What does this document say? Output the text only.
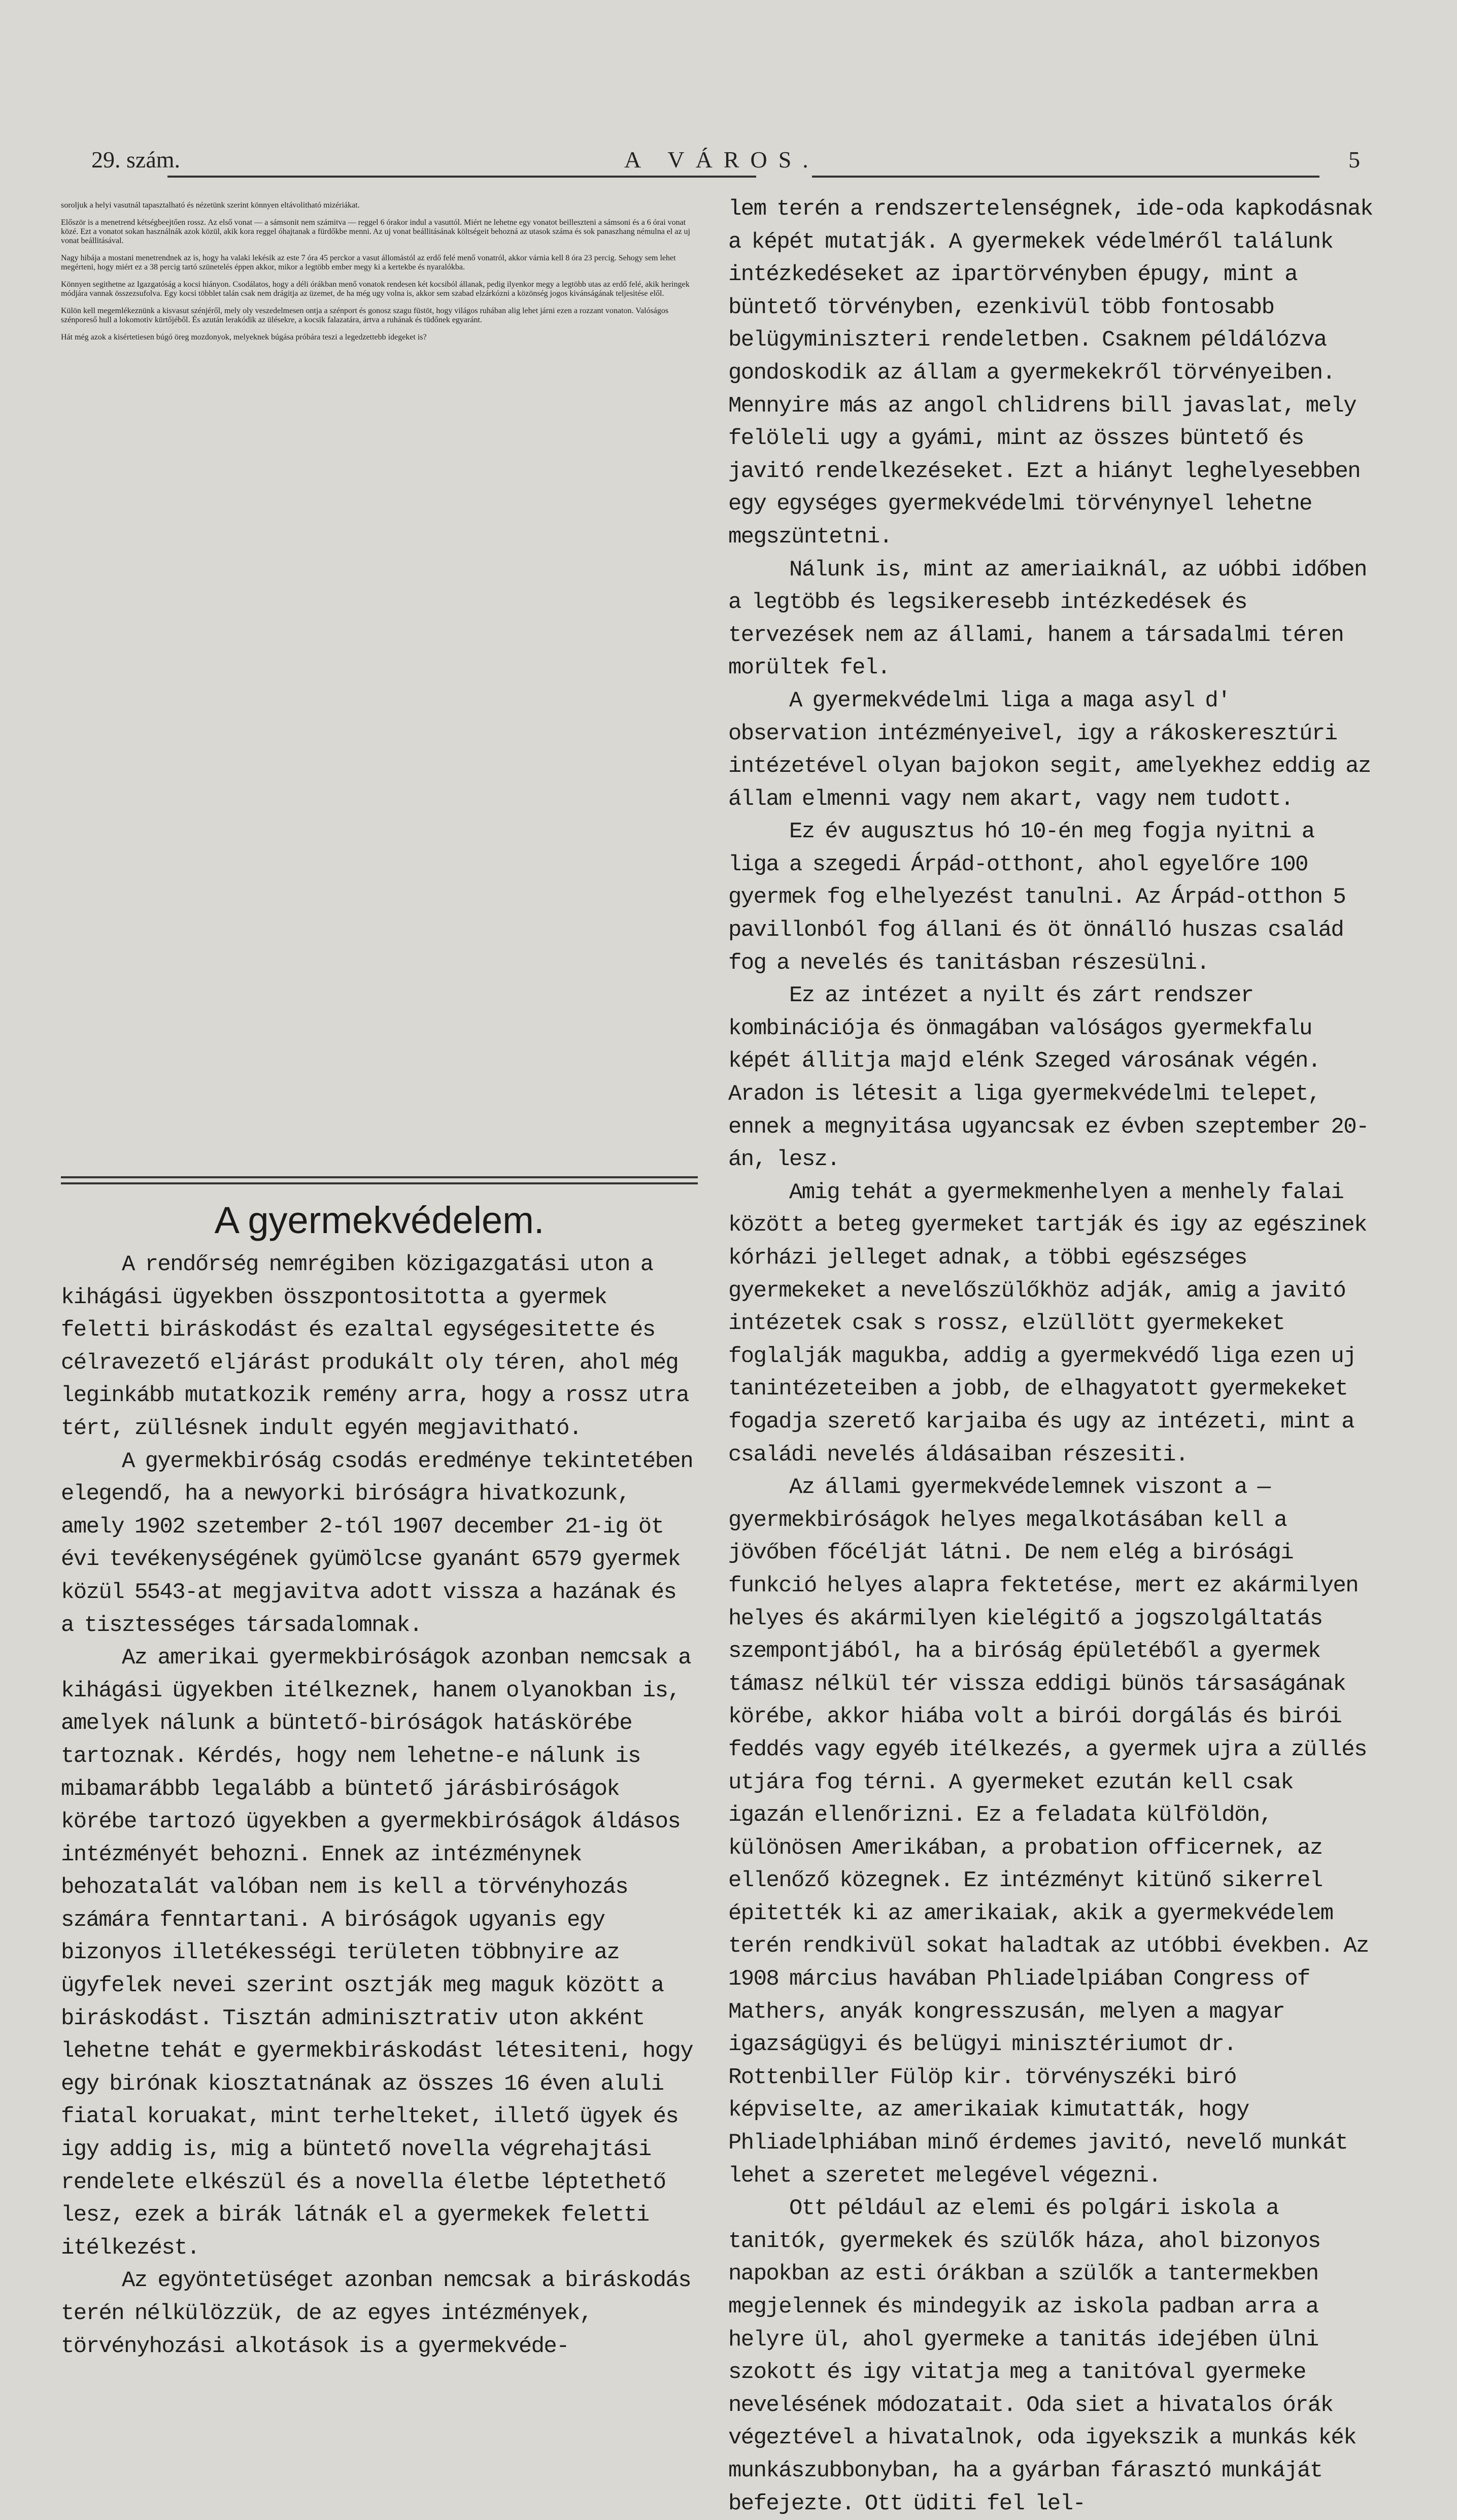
29. szám.	A VÁROS.	5

soroljuk a helyi vasutnál tapasztalható és nézetünk szerint könnyen eltávolitható mizériákat.

Először is a menetrend kétségbeejtően rossz. Az első vonat — a sámsonit nem számitva — reggel 6 órakor indul a vasuttól. Miért ne lehetne egy vonatot beilleszteni a sámsoni és a 6 órai vonat közé. Ezt a vonatot sokan használnák azok közül, akik kora reggel óhajtanak a fürdőkbe menni. Az uj vonat beállitásának költségeit behozná az utasok száma és sok panaszhang némulna el az uj vonat beállitásával.

Nagy hibája a mostani menetrendnek az is, hogy ha valaki lekésik az este 7 óra 45 perckor a vasut állomástól az erdő felé menő vonatról, akkor várnia kell 8 óra 23 percig. Sehogy sem lehet megérteni, hogy miért ez a 38 percig tartó szünetelés éppen akkor, mikor a legtöbb ember megy ki a kertekbe és nyaralókba.

Könnyen segithetne az Igazgatóság a kocsi hiányon. Csodálatos, hogy a déli órákban menő vonatok rendesen két kocsiból állanak, pedig ilyenkor megy a legtöbb utas az erdő felé, akik heringek módjára vannak összezsufolva. Egy kocsi többlet talán csak nem drágitja az üzemet, de ha még ugy volna is, akkor sem szabad elzárkózni a közönség jogos kivánságának teljesitése elől.

Külön kell megemlékeznünk a kisvasut szénjéről, mely oly veszedelmesen ontja a szénport és gonosz szagu füstöt, hogy világos ruhában alig lehet járni ezen a rozzant vonaton. Valóságos szénporeső hull a lokomotiv kürtőjéből. És azután lerakódik az ülésekre, a kocsik falazatára, ártva a ruhának és tüdőnek egyaránt.

Hát még azok a kisértetiesen búgó öreg mozdonyok, melyeknek búgása próbára teszi a legedzettebb idegeket is?

A gyermekvédelem.

A rendőrség nemrégiben közigazgatási uton a kihágási ügyekben összpontositotta a gyermek feletti biráskodást és ezaltal egységesitette és célravezető eljárást produkált oly téren, ahol még leginkább mutatkozik remény arra, hogy a rossz utra tért, züllésnek indult egyén megjavitható.

A gyermekbiróság csodás eredménye tekintetében elegendő, ha a newyorki biróságra hivatkozunk, amely 1902 szetember 2-tól 1907 december 21-ig öt évi tevékenységének gyümölcse gyanánt 6579 gyermek közül 5543-at megjavitva adott vissza a hazának és a tisztességes társadalomnak.

Az amerikai gyermekbiróságok azonban nemcsak a kihágási ügyekben itélkeznek, hanem olyanokban is, amelyek nálunk a büntető-biróságok hatáskörébe tartoznak. Kérdés, hogy nem lehetne-e nálunk is mibamarábbb legalább a büntető járásbiróságok körébe tartozó ügyekben a gyermekbiróságok áldásos intézményét behozni. Ennek az intézménynek behozatalát valóban nem is kell a törvényhozás számára fenntartani. A biróságok ugyanis egy bizonyos illetékességi területen többnyire az ügyfelek nevei szerint osztják meg maguk között a biráskodást. Tisztán adminisztrativ uton akként lehetne tehát e gyermekbiráskodást létesiteni, hogy egy birónak kiosztatnának az összes 16 éven aluli fiatal koruakat, mint terhelteket, illető ügyek és igy addig is, mig a büntető novella végrehajtási rendelete elkészül és a novella életbe léptethető lesz, ezek a birák látnák el a gyermekek feletti itélkezést.

Az egyöntetüséget azonban nemcsak a biráskodás terén nélkülözzük, de az egyes intézmények, törvényhozási alkotások is a gyermekvéde-

lem terén a rendszertelenségnek, ide-oda kapkodásnak a képét mutatják. A gyermekek védelméről találunk intézkedéseket az ipartörvényben épugy, mint a büntető törvényben, ezenkivül több fontosabb belügyminiszteri rendeletben. Csaknem példálózva gondoskodik az állam a gyermekekről törvényeiben. Mennyire más az angol chlidrens bill javaslat, mely felöleli ugy a gyámi, mint az összes büntető és javitó rendelkezéseket. Ezt a hiányt leghelyesebben egy egységes gyermekvédelmi törvénynyel lehetne megszüntetni.

Nálunk is, mint az ameriaiknál, az uóbbi időben a legtöbb és legsikeresebb intézkedések és tervezések nem az állami, hanem a társadalmi téren morültek fel.

A gyermekvédelmi liga a maga asyl d' observation intézményeivel, igy a rákoskeresztúri intézetével olyan bajokon segit, amelyekhez eddig az állam elmenni vagy nem akart, vagy nem tudott.

Ez év augusztus hó 10-én meg fogja nyitni a liga a szegedi Árpád-otthont, ahol egyelőre 100 gyermek fog elhelyezést tanulni. Az Árpád-otthon 5 pavillonból fog állani és öt önnálló huszas család fog a nevelés és tanitásban részesülni.

Ez az intézet a nyilt és zárt rendszer kombinációja és önmagában valóságos gyermekfalu képét állitja majd elénk Szeged városának végén. Aradon is létesit a liga gyermekvédelmi telepet, ennek a megnyitása ugyancsak ez évben szeptember 20-án, lesz.

Amig tehát a gyermekmenhelyen a menhely falai között a beteg gyermeket tartják és igy az egészinek kórházi jelleget adnak, a többi egészséges gyermekeket a nevelőszülőkhöz adják, amig a javitó intézetek csak s rossz, elzüllött gyermekeket foglalják magukba, addig a gyermekvédő liga ezen uj tanintézeteiben a jobb, de elhagyatott gyermekeket fogadja szerető karjaiba és ugy az intézeti, mint a családi nevelés áldásaiban részesiti.

Az állami gyermekvédelemnek viszont a — gyermekbiróságok helyes megalkotásában kell a jövőben főcélját látni. De nem elég a birósági funkció helyes alapra fektetése, mert ez akármilyen helyes és akármilyen kielégitő a jogszolgáltatás szempontjából, ha a biróság épületéből a gyermek támasz nélkül tér vissza eddigi bünös társaságának körébe, akkor hiába volt a birói dorgálás és birói feddés vagy egyéb itélkezés, a gyermek ujra a züllés utjára fog térni. A gyermeket ezután kell csak igazán ellenőrizni. Ez a feladata külföldön, különösen Amerikában, a probation officernek, az ellenőző közegnek. Ez intézményt kitünő sikerrel épitették ki az amerikaiak, akik a gyermekvédelem terén rendkivül sokat haladtak az utóbbi években. Az 1908 március havában Phliadelpiában Congress of Mathers, anyák kongresszusán, melyen a magyar igazságügyi és belügyi minisztériumot dr. Rottenbiller Fülöp kir. törvényszéki biró képviselte, az amerikaiak kimutatták, hogy Phliadelphiában minő érdemes javitó, nevelő munkát lehet a szeretet melegével végezni.

Ott például az elemi és polgári iskola a tanitók, gyermekek és szülők háza, ahol bizonyos napokban az esti órákban a szülők a tantermekben megjelennek és mindegyik az iskola padban arra a helyre ül, ahol gyermeke a tanitás idejében ülni szokott és igy vitatja meg a tanitóval gyermeke nevelésének módozatait. Oda siet a hivatalos órák végeztével a hivatalnok, oda igyekszik a munkás kék munkászubbonyban, ha a gyárban fárasztó munkáját befejezte. Ott üditi fel lel-
